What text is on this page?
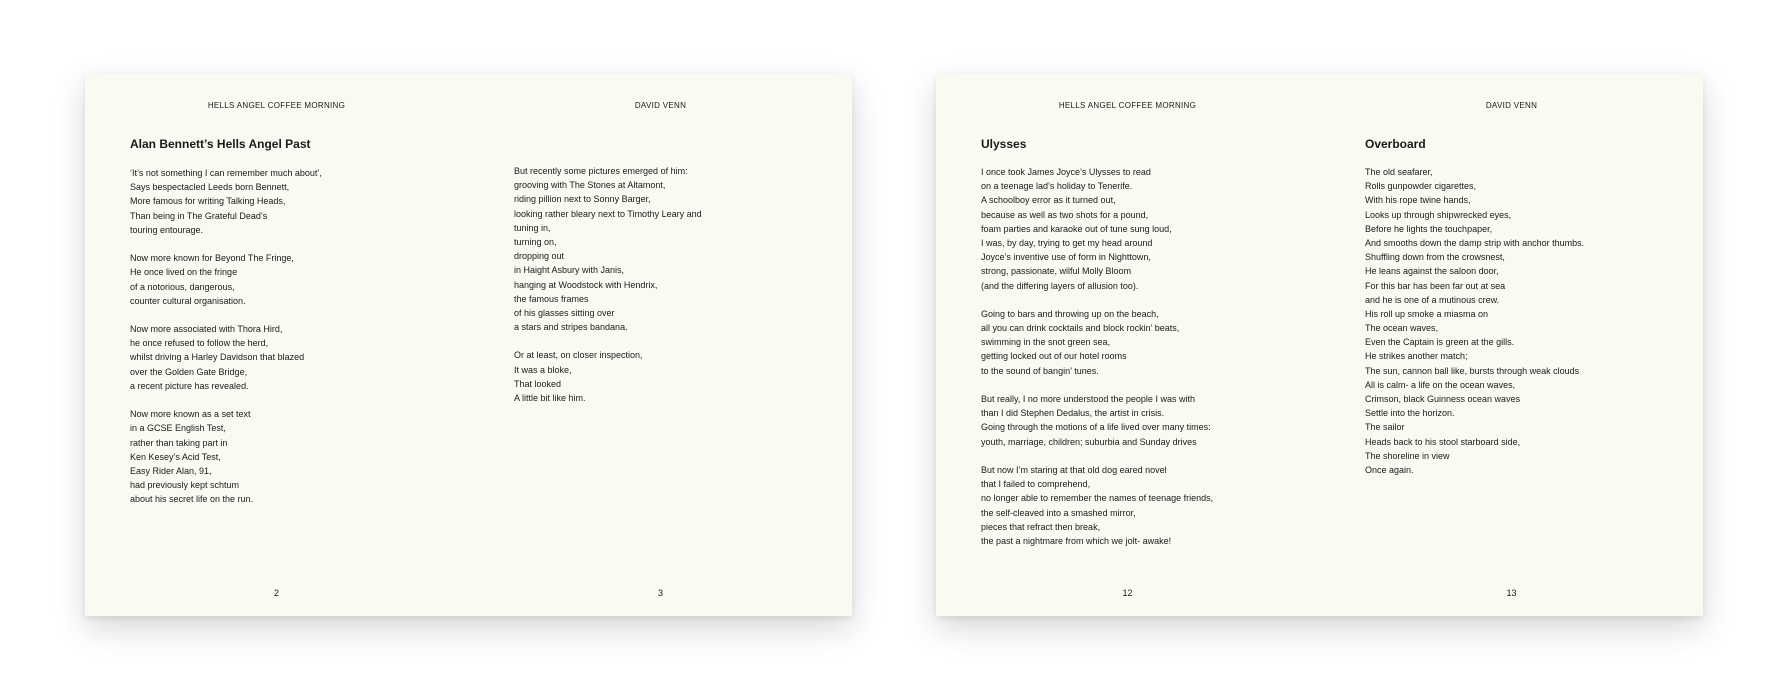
HELLS ANGEL COFFEE MORNING
Alan Bennett’s Hells Angel Past
‘It’s not something I can remember much about’,
Says bespectacled Leeds born Bennett,
More famous for writing Talking Heads,
Than being in The Grateful Dead’s
touring entourage.
Now more known for Beyond The Fringe,
He once lived on the fringe
of a notorious, dangerous,
counter cultural organisation.
Now more associated with Thora Hird,
he once refused to follow the herd,
whilst driving a Harley Davidson that blazed
over the Golden Gate Bridge,
a recent picture has revealed.
Now more known as a set text
in a GCSE English Test,
rather than taking part in
Ken Kesey’s Acid Test,
Easy Rider Alan, 91,
had previously kept schtum
about his secret life on the run.
2
DAVID VENN
But recently some pictures emerged of him:
grooving with The Stones at Altamont,
riding pillion next to Sonny Barger,
looking rather bleary next to Timothy Leary and
tuning in,
turning on,
dropping out
in Haight Asbury with Janis,
hanging at Woodstock with Hendrix,
the famous frames
of his glasses sitting over
a stars and stripes bandana.
Or at least, on closer inspection,
It was a bloke,
That looked
A little bit like him.
3
HELLS ANGEL COFFEE MORNING
Ulysses
I once took James Joyce’s Ulysses to read
on a teenage lad’s holiday to Tenerife.
A schoolboy error as it turned out,
because as well as two shots for a pound,
foam parties and karaoke out of tune sung loud,
I was, by day, trying to get my head around
Joyce’s inventive use of form in Nighttown,
strong, passionate, wilful Molly Bloom
(and the differing layers of allusion too).
Going to bars and throwing up on the beach,
all you can drink cocktails and block rockin’ beats,
swimming in the snot green sea,
getting locked out of our hotel rooms
to the sound of bangin’ tunes.
But really, I no more understood the people I was with
than I did Stephen Dedalus, the artist in crisis.
Going through the motions of a life lived over many times:
youth, marriage, children; suburbia and Sunday drives
But now I’m staring at that old dog eared novel
that I failed to comprehend,
no longer able to remember the names of teenage friends,
the self-cleaved into a smashed mirror,
pieces that refract then break,
the past a nightmare from which we jolt- awake!
12
DAVID VENN
Overboard
The old seafarer,
Rolls gunpowder cigarettes,
With his rope twine hands,
Looks up through shipwrecked eyes,
Before he lights the touchpaper,
And smooths down the damp strip with anchor thumbs.
Shuffling down from the crowsnest,
He leans against the saloon door,
For this bar has been far out at sea
and he is one of a mutinous crew.
His roll up smoke a miasma on
The ocean waves,
Even the Captain is green at the gills.
He strikes another match;
The sun, cannon ball like, bursts through weak clouds
All is calm- a life on the ocean waves,
Crimson, black Guinness ocean waves
Settle into the horizon.
The sailor
Heads back to his stool starboard side,
The shoreline in view
Once again.
13
